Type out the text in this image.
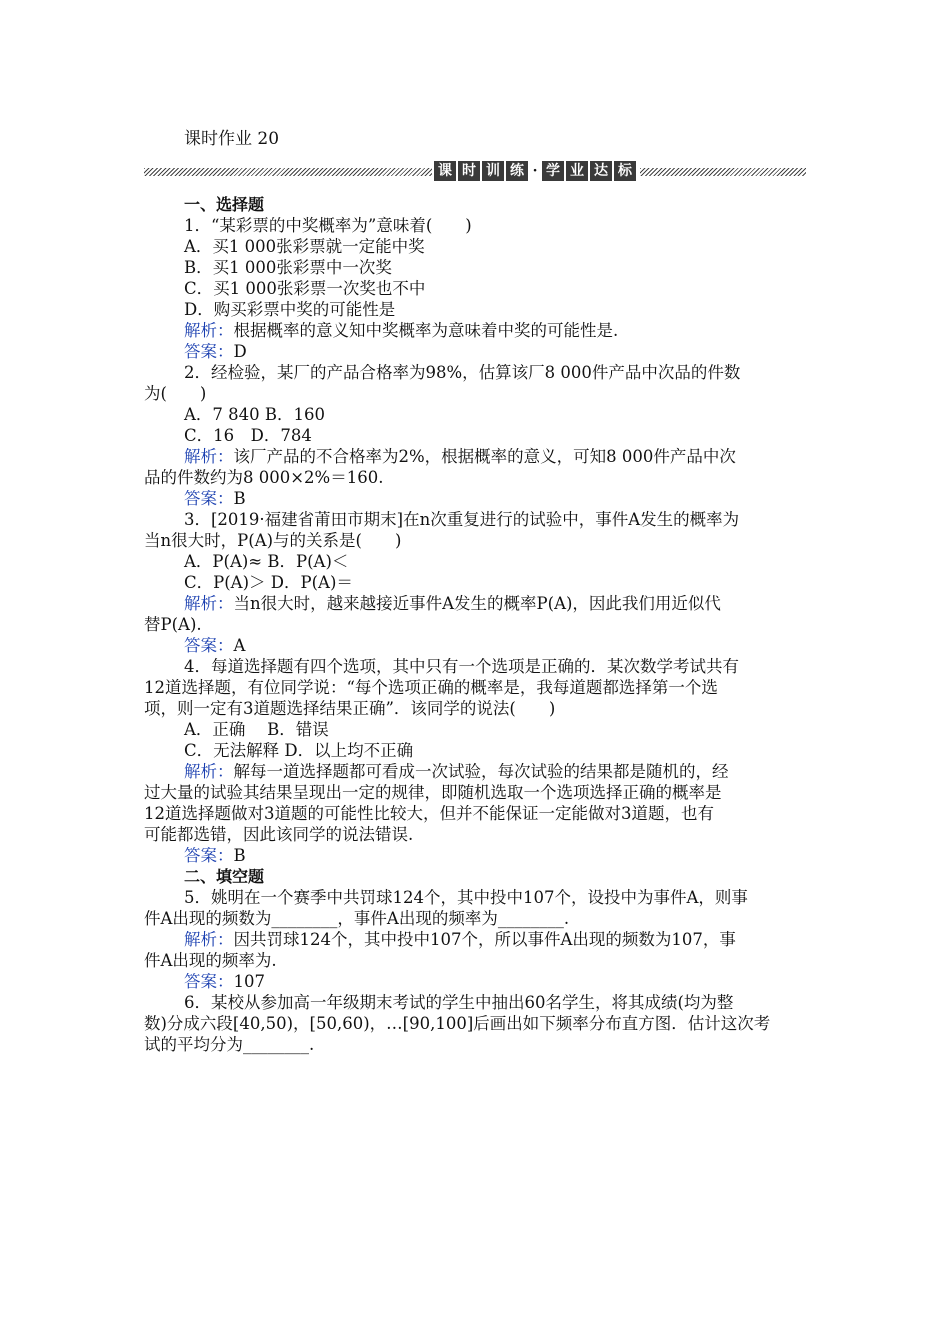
课时作业 20
课 时 训 练 · 学 业 达 标

一、选择题

1．“某彩票的中奖概率为”意味着(　　)

A．买1 000张彩票就一定能中奖

B．买1 000张彩票中一次奖

C．买1 000张彩票一次奖也不中

D．购买彩票中奖的可能性是

解析：根据概率的意义知中奖概率为意味着中奖的可能性是.

答案：D

2．经检验，某厂的产品合格率为98%，估算该厂8 000件产品中次品的件数

为(　　)

A．7 840 B．160

C．16　D．784

解析：该厂产品的不合格率为2%，根据概率的意义，可知8 000件产品中次

品的件数约为8 000×2%＝160.

答案：B

3．[2019·福建省莆田市期末]在n次重复进行的试验中，事件A发生的概率为

当n很大时，P(A)与的关系是(　　)

A．P(A)≈ B．P(A)＜

C．P(A)＞ D．P(A)＝

解析：当n很大时，越来越接近事件A发生的概率P(A)，因此我们用近似代

替P(A).

答案：A

4．每道选择题有四个选项，其中只有一个选项是正确的．某次数学考试共有

12道选择题，有位同学说：“每个选项正确的概率是，我每道题都选择第一个选

项，则一定有3道题选择结果正确”．该同学的说法(　　)

A．正确　 B．错误

C．无法解释 D．以上均不正确

解析：解每一道选择题都可看成一次试验，每次试验的结果都是随机的，经

过大量的试验其结果呈现出一定的规律，即随机选取一个选项选择正确的概率是

12道选择题做对3道题的可能性比较大，但并不能保证一定能做对3道题，也有

可能都选错，因此该同学的说法错误.

答案：B

二、填空题

5．姚明在一个赛季中共罚球124个，其中投中107个，设投中为事件A，则事

件A出现的频数为________，事件A出现的频率为________.

解析：因共罚球124个，其中投中107个，所以事件A出现的频数为107，事

件A出现的频率为.

答案：107

6．某校从参加高一年级期末考试的学生中抽出60名学生，将其成绩(均为整

数)分成六段[40,50)，[50,60)，…[90,100]后画出如下频率分布直方图．估计这次考

试的平均分为________.
